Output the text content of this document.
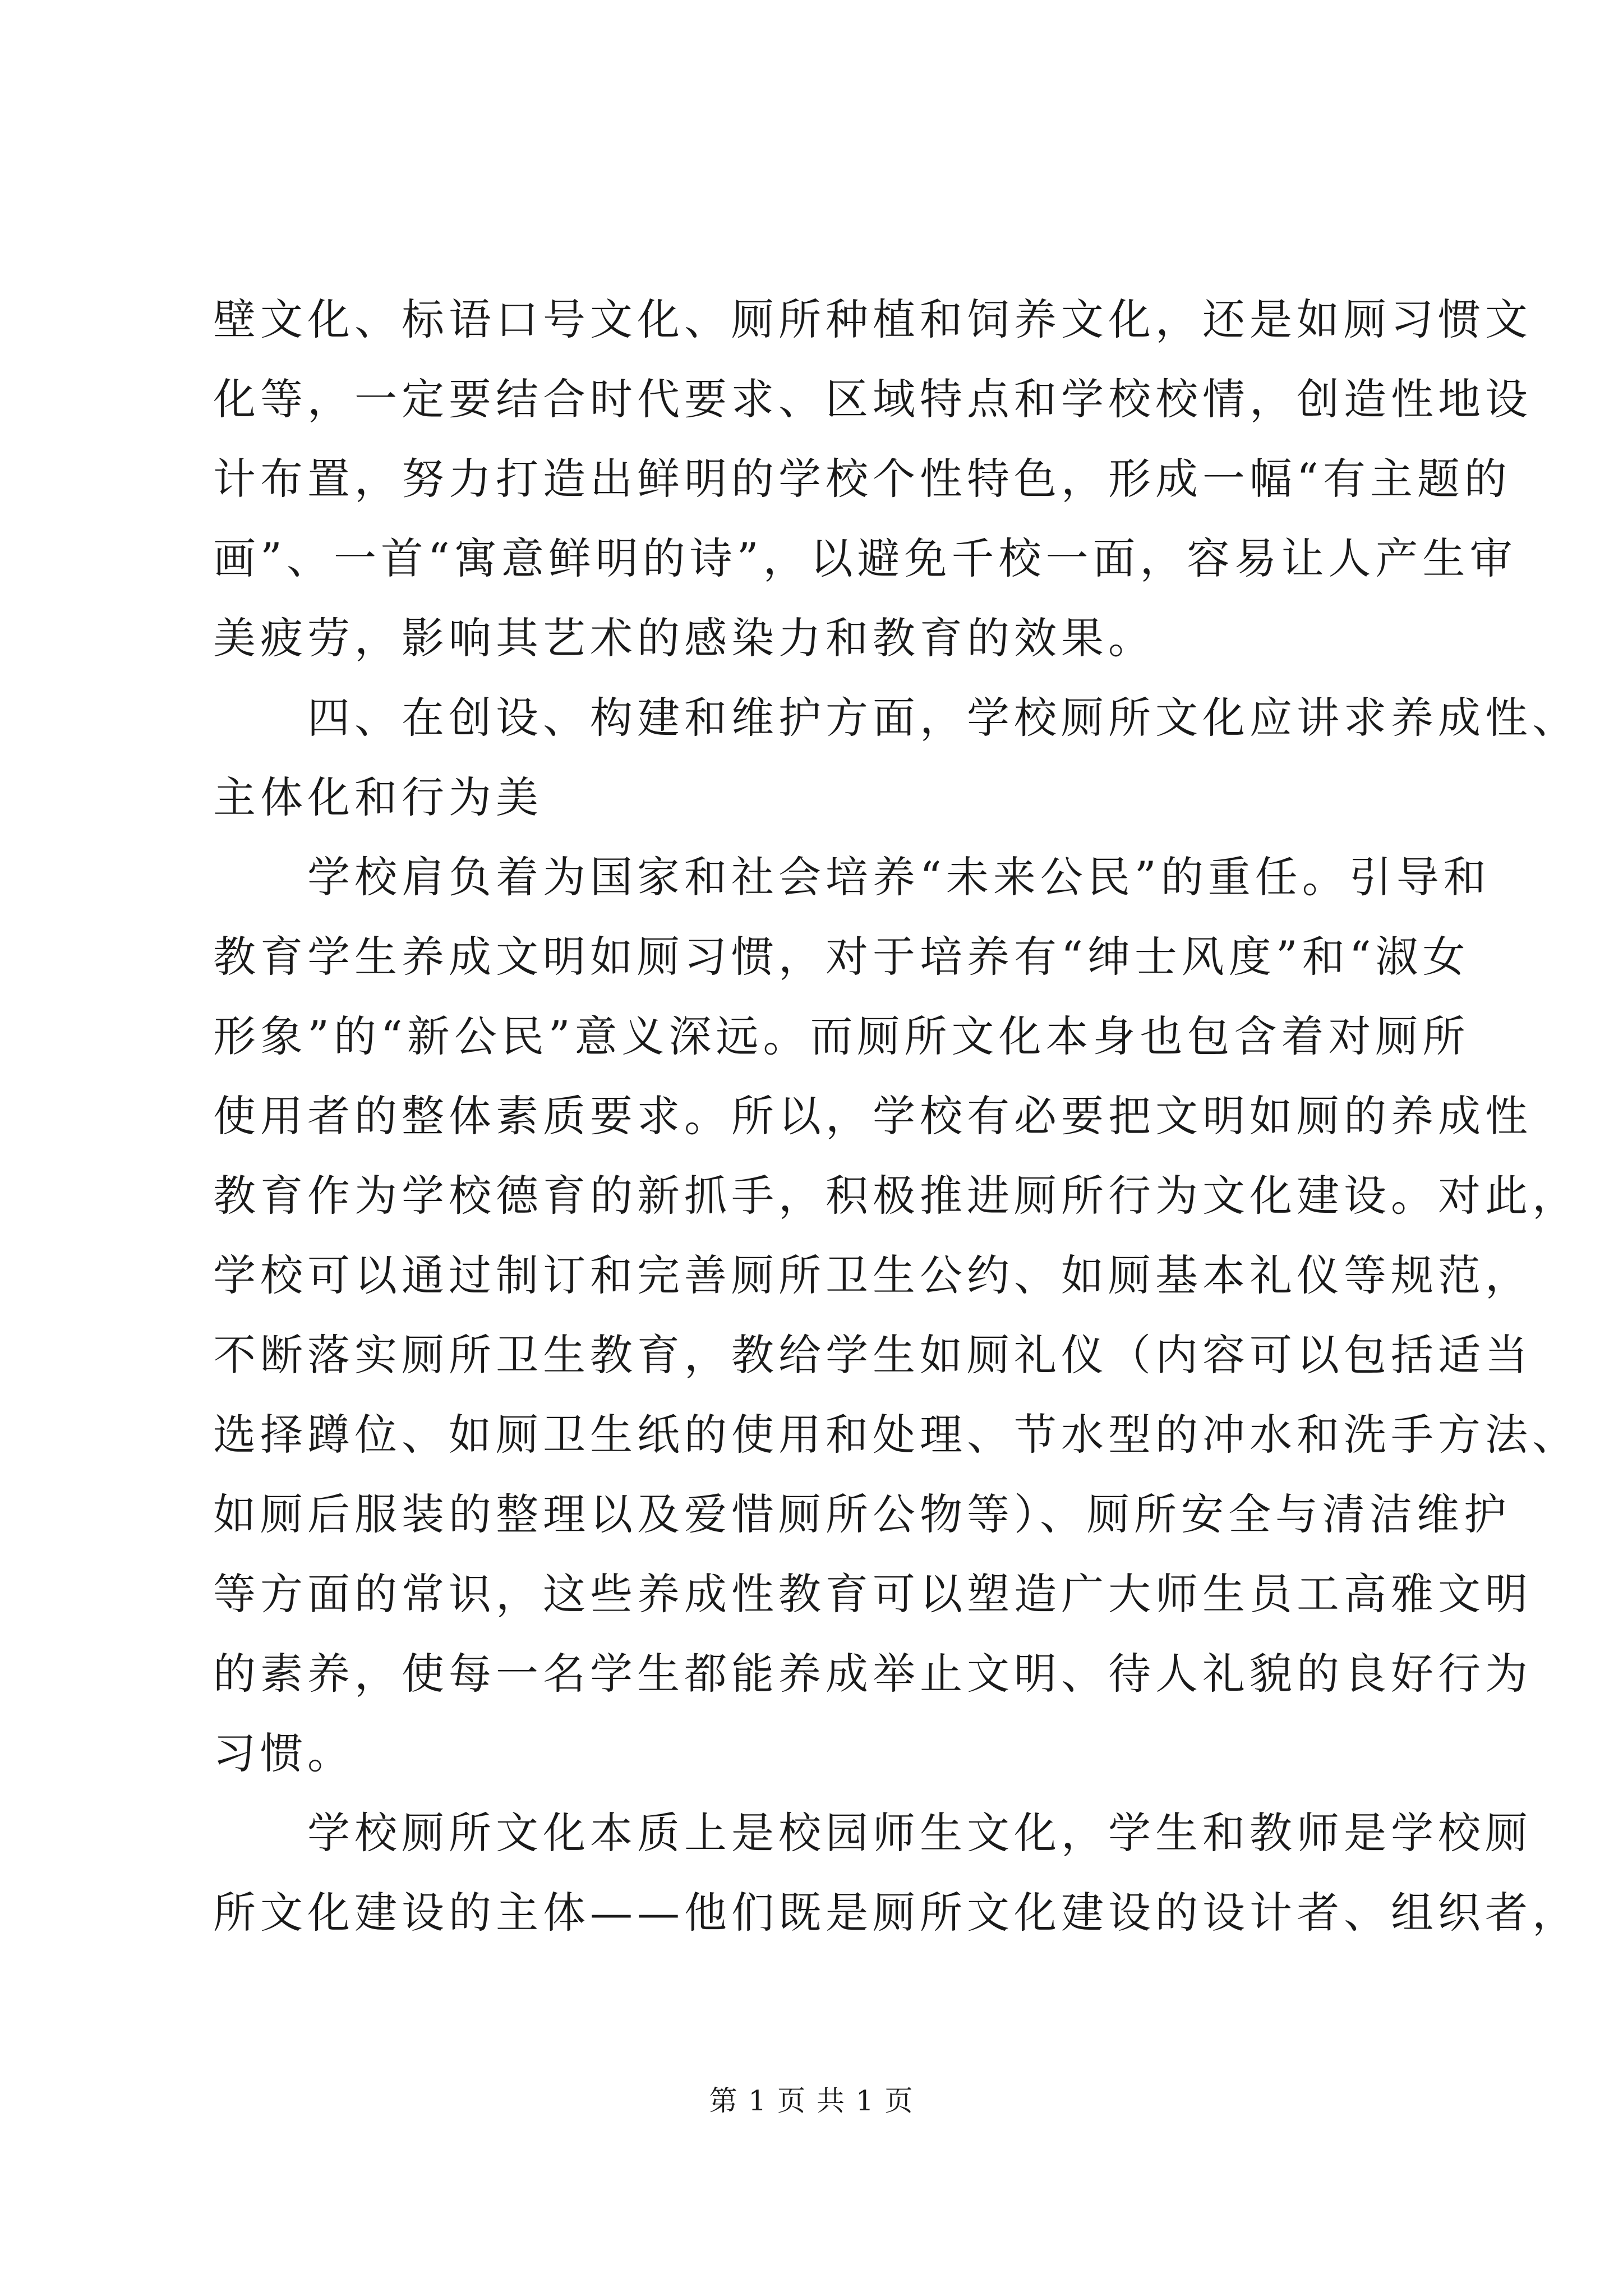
壁文化、标语口号文化、厕所种植和饲养文化，还是如厕习惯文
化等，一定要结合时代要求、区域特点和学校校情，创造性地设
计布置，努力打造出鲜明的学校个性特色，形成一幅“有主题的
画”、一首“寓意鲜明的诗”，以避免千校一面，容易让人产生审
美疲劳，影响其艺术的感染力和教育的效果。
　　四、在创设、构建和维护方面，学校厕所文化应讲求养成性、
主体化和行为美
　　学校肩负着为国家和社会培养“未来公民”的重任。引导和
教育学生养成文明如厕习惯，对于培养有“绅士风度”和“淑女
形象”的“新公民”意义深远。而厕所文化本身也包含着对厕所
使用者的整体素质要求。所以，学校有必要把文明如厕的养成性
教育作为学校德育的新抓手，积极推进厕所行为文化建设。对此，
学校可以通过制订和完善厕所卫生公约、如厕基本礼仪等规范，
不断落实厕所卫生教育，教给学生如厕礼仪（内容可以包括适当
选择蹲位、如厕卫生纸的使用和处理、节水型的冲水和洗手方法、
如厕后服装的整理以及爱惜厕所公物等）、厕所安全与清洁维护
等方面的常识，这些养成性教育可以塑造广大师生员工高雅文明
的素养，使每一名学生都能养成举止文明、待人礼貌的良好行为
习惯。
　　学校厕所文化本质上是校园师生文化，学生和教师是学校厕
所文化建设的主体——他们既是厕所文化建设的设计者、组织者，
第 1 页 共 1 页
